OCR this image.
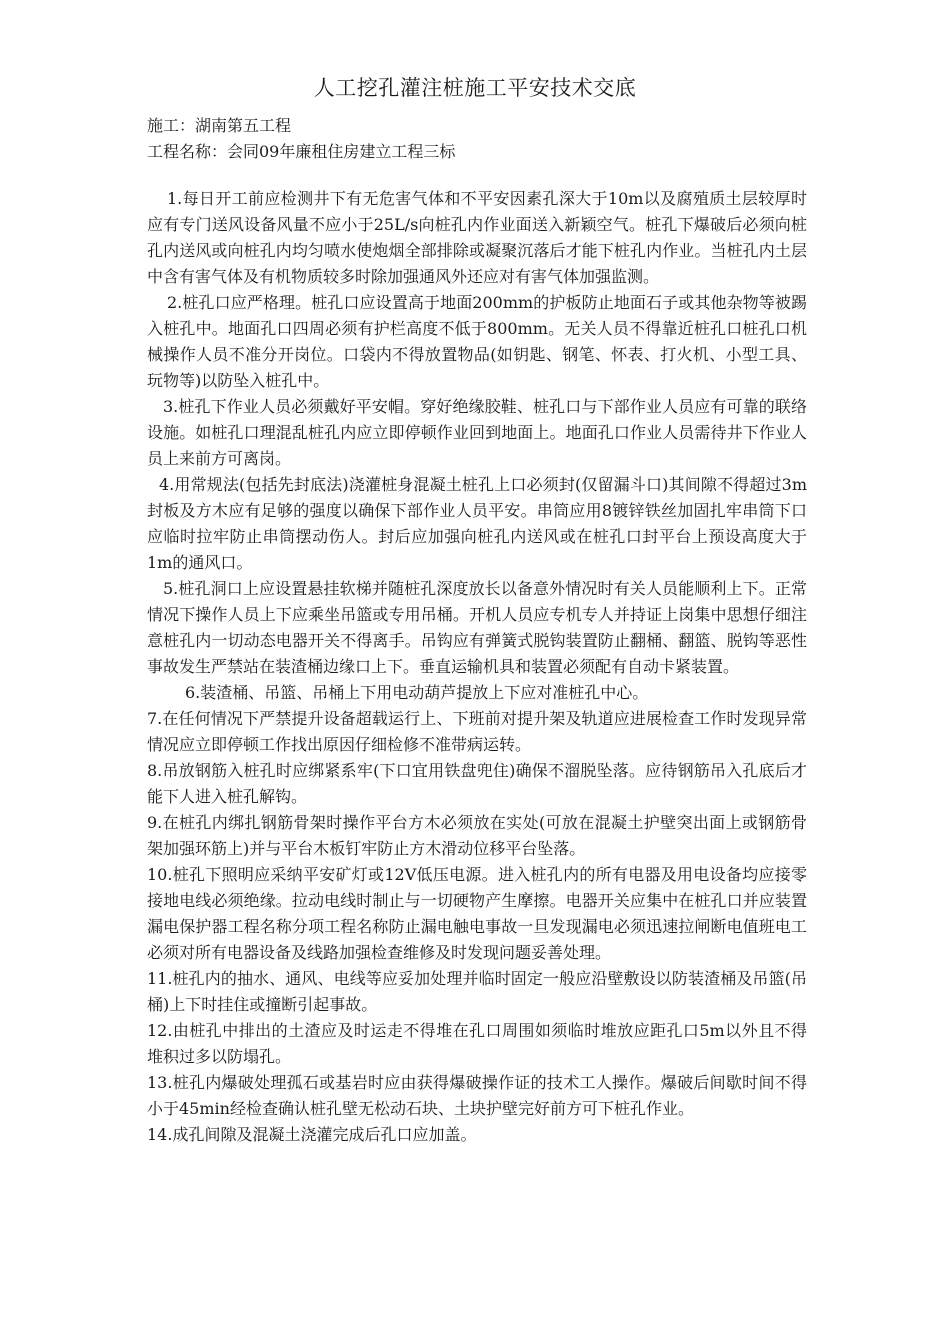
人工挖孔灌注桩施工平安技术交底
施工：湖南第五工程
工程名称：会同09年廉租住房建立工程三标

1.每日开工前应检测井下有无危害气体和不平安因素孔深大于10m以及腐殖质土层较厚时应有专门送风设备风量不应小于25L/s向桩孔内作业面送入新颖空气。桩孔下爆破后必须向桩孔内送风或向桩孔内均匀喷水使炮烟全部排除或凝聚沉落后才能下桩孔内作业。当桩孔内土层中含有害气体及有机物质较多时除加强通风外还应对有害气体加强监测。

2.桩孔口应严格理。桩孔口应设置高于地面200mm的护板防止地面石子或其他杂物等被踢入桩孔中。地面孔口四周必须有护栏高度不低于800mm。无关人员不得靠近桩孔口桩孔口机械操作人员不准分开岗位。口袋内不得放置物品(如钥匙、钢笔、怀表、打火机、小型工具、玩物等)以防坠入桩孔中。

3.桩孔下作业人员必须戴好平安帽。穿好绝缘胶鞋、桩孔口与下部作业人员应有可靠的联络设施。如桩孔口理混乱桩孔内应立即停顿作业回到地面上。地面孔口作业人员需待井下作业人员上来前方可离岗。

4.用常规法(包括先封底法)浇灌桩身混凝土桩孔上口必须封(仅留漏斗口)其间隙不得超过3m封板及方木应有足够的强度以确保下部作业人员平安。串筒应用8镀锌铁丝加固扎牢串筒下口应临时拉牢防止串筒摆动伤人。封后应加强向桩孔内送风或在桩孔口封平台上预设高度大于1m的通风口。

5.桩孔洞口上应设置悬挂软梯并随桩孔深度放长以备意外情况时有关人员能顺利上下。正常情况下操作人员上下应乘坐吊篮或专用吊桶。开机人员应专机专人并持证上岗集中思想仔细注意桩孔内一切动态电器开关不得离手。吊钩应有弹簧式脱钩装置防止翻桶、翻篮、脱钩等恶性事故发生严禁站在装渣桶边缘口上下。垂直运输机具和装置必须配有自动卡紧装置。

6.装渣桶、吊篮、吊桶上下用电动葫芦提放上下应对准桩孔中心。

7.在任何情况下严禁提升设备超载运行上、下班前对提升架及轨道应进展检查工作时发现异常情况应立即停顿工作找出原因仔细检修不准带病运转。

8.吊放钢筋入桩孔时应绑紧系牢(下口宜用铁盘兜住)确保不溜脱坠落。应待钢筋吊入孔底后才能下人进入桩孔解钩。

9.在桩孔内绑扎钢筋骨架时操作平台方木必须放在实处(可放在混凝土护壁突出面上或钢筋骨架加强环筋上)并与平台木板钉牢防止方木滑动位移平台坠落。

10.桩孔下照明应采纳平安矿灯或12V低压电源。进入桩孔内的所有电器及用电设备均应接零接地电线必须绝缘。拉动电线时制止与一切硬物产生摩擦。电器开关应集中在桩孔口并应装置漏电保护器工程名称分项工程名称防止漏电触电事故一旦发现漏电必须迅速拉闸断电值班电工必须对所有电器设备及线路加强检查维修及时发现问题妥善处理。

11.桩孔内的抽水、通风、电线等应妥加处理并临时固定一般应沿壁敷设以防装渣桶及吊篮(吊桶)上下时挂住或撞断引起事故。

12.由桩孔中排出的土渣应及时运走不得堆在孔口周围如须临时堆放应距孔口5m以外且不得 堆积过多以防塌孔。

13.桩孔内爆破处理孤石或基岩时应由获得爆破操作证的技术工人操作。爆破后间歇时间不得小于45min经检查确认桩孔壁无松动石块、土块护壁完好前方可下桩孔作业。

14.成孔间隙及混凝土浇灌完成后孔口应加盖。
